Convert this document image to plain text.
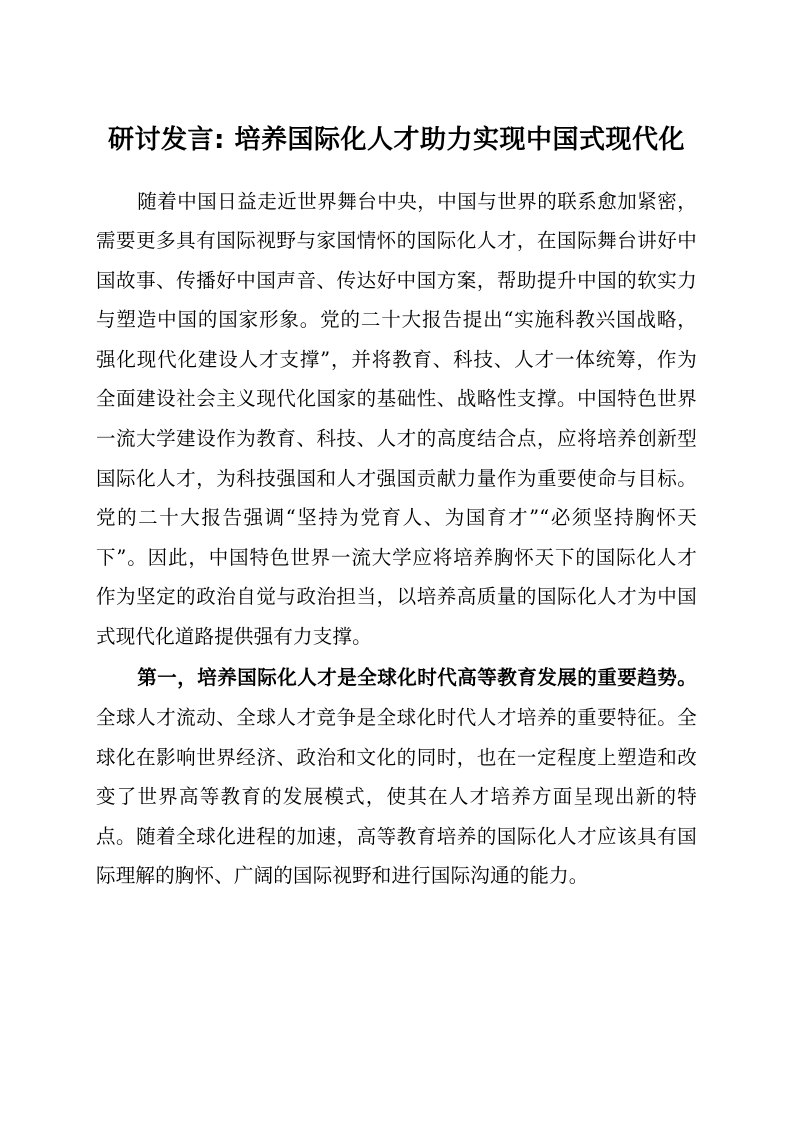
研讨发言: 培养国际化人才助力实现中国式现代化

随着中国日益走近世界舞台中央，中国与世界的联系愈加紧密，需要更多具有国际视野与家国情怀的国际化人才，在国际舞台讲好中国故事、传播好中国声音、传达好中国方案，帮助提升中国的软实力与塑造中国的国家形象。党的二十大报告提出“实施科教兴国战略，强化现代化建设人才支撑”，并将教育、科技、人才一体统筹，作为全面建设社会主义现代化国家的基础性、战略性支撑。中国特色世界一流大学建设作为教育、科技、人才的高度结合点，应将培养创新型国际化人才，为科技强国和人才强国贡献力量作为重要使命与目标。党的二十大报告强调“坚持为党育人、为国育才”“必须坚持胸怀天下”。因此，中国特色世界一流大学应将培养胸怀天下的国际化人才作为坚定的政治自觉与政治担当，以培养高质量的国际化人才为中国式现代化道路提供强有力支撑。

第一，培养国际化人才是全球化时代高等教育发展的重要趋势。全球人才流动、全球人才竞争是全球化时代人才培养的重要特征。全球化在影响世界经济、政治和文化的同时，也在一定程度上塑造和改变了世界高等教育的发展模式，使其在人才培养方面呈现出新的特点。随着全球化进程的加速，高等教育培养的国际化人才应该具有国际理解的胸怀、广阔的国际视野和进行国际沟通的能力。
